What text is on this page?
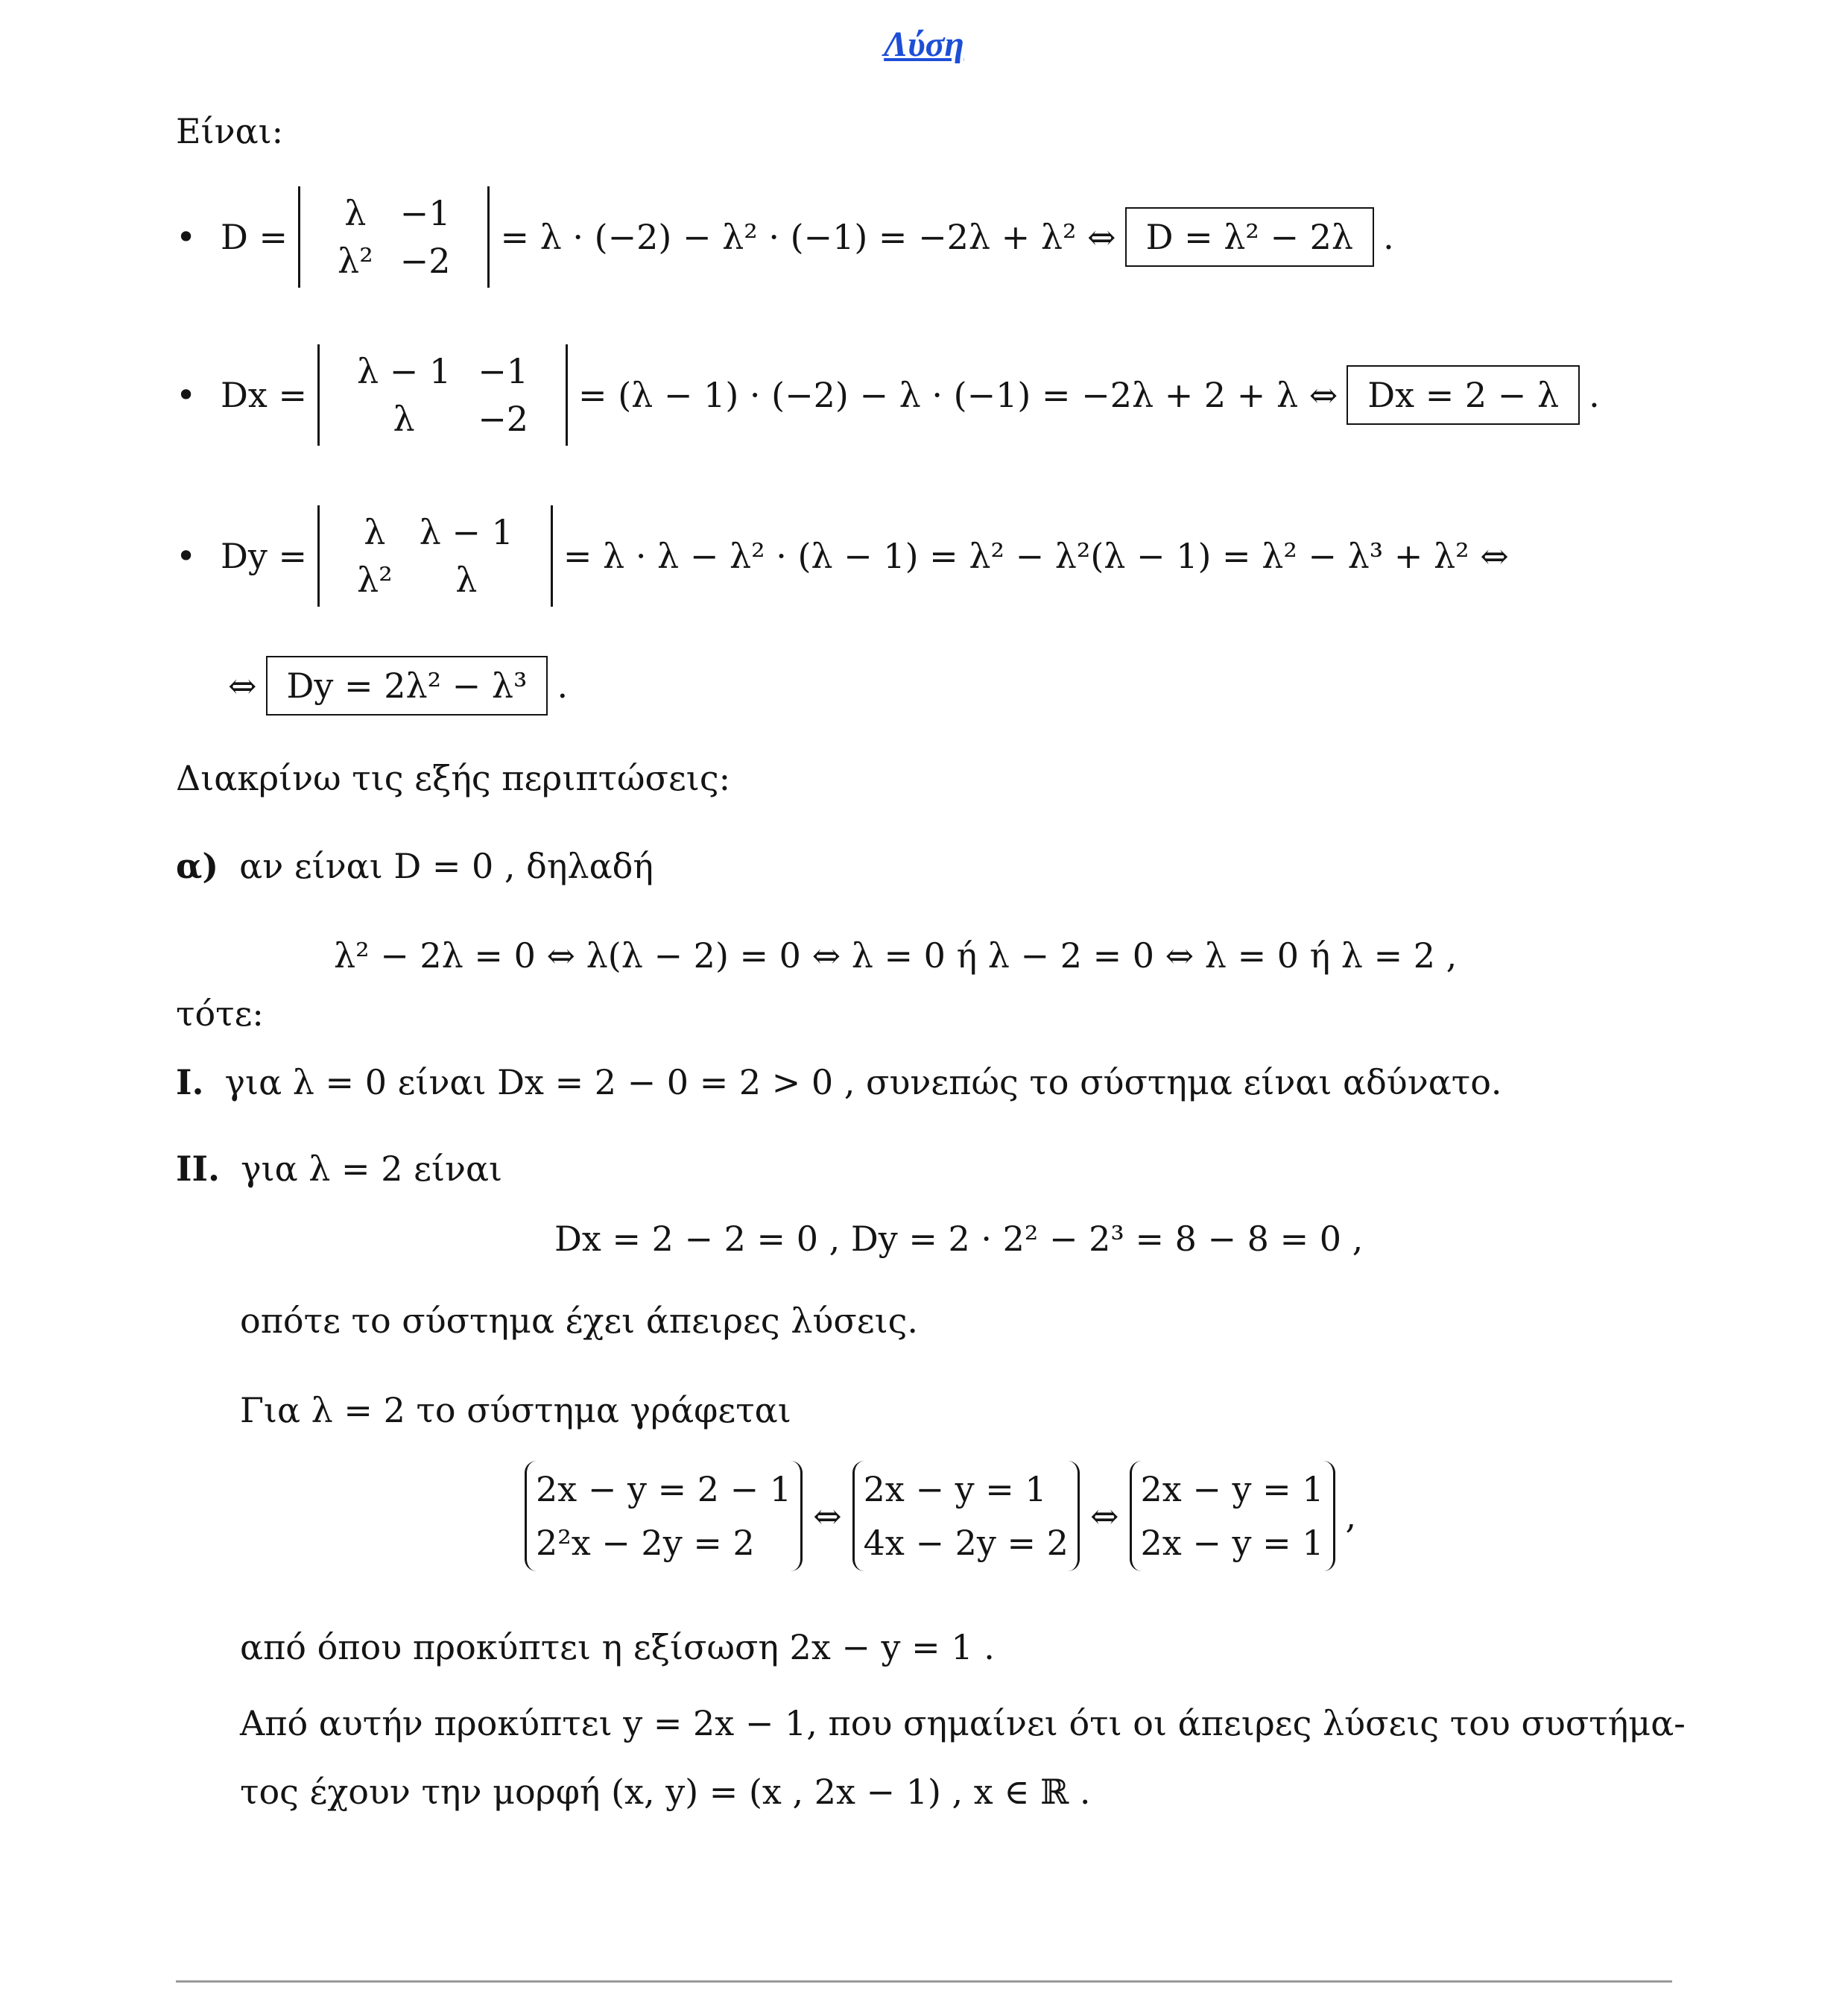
Λύση
Είναι:
• D =
λ	−1
λ²	−2
= λ · (−2) − λ² · (−1) = −2λ + λ² ⇔ D = λ² − 2λ .
• Dx =
λ − 1	−1
λ	−2
= (λ − 1) · (−2) − λ · (−1) = −2λ + 2 + λ ⇔ Dx = 2 − λ .
• Dy =
λ	λ − 1
λ²	λ
= λ · λ − λ² · (λ − 1) = λ² − λ²(λ − 1) = λ² − λ³ + λ² ⇔
⇔ Dy = 2λ² − λ³ .
Διακρίνω τις εξής περιπτώσεις:
α) αν είναι D = 0 , δηλαδή
λ² − 2λ = 0 ⇔ λ(λ − 2) = 0 ⇔ λ = 0 ή λ − 2 = 0 ⇔ λ = 0 ή λ = 2 ,
τότε:
I. για λ = 0 είναι Dx = 2 − 0 = 2 > 0 , συνεπώς το σύστημα είναι αδύνατο.
II. για λ = 2 είναι
Dx = 2 − 2 = 0 , Dy = 2 · 2² − 2³ = 8 − 8 = 0 ,
οπότε το σύστημα έχει άπειρες λύσεις.
Για λ = 2 το σύστημα γράφεται
2x − y = 2 − 1
2²x − 2y = 2
⇔
2x − y = 1
4x − 2y = 2
⇔
2x − y = 1
2x − y = 1
,
από όπου προκύπτει η εξίσωση 2x − y = 1 .
Από αυτήν προκύπτει y = 2x − 1, που σημαίνει ότι οι άπειρες λύσεις του συστήμα-
τος έχουν την μορφή (x, y) = (x , 2x − 1) , x ∈ ℝ .
